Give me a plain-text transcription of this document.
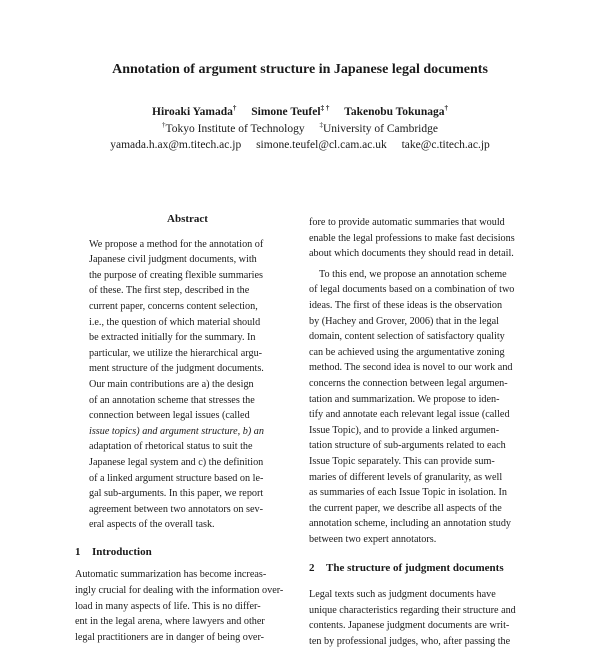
Annotation of argument structure in Japanese legal documents
Hiroaki Yamada† Simone Teufel‡ † Takenobu Tokunaga†
†Tokyo Institute of Technology ‡University of Cambridge
yamada.h.ax@m.titech.ac.jp simone.teufel@cl.cam.ac.uk take@c.titech.ac.jp
Abstract
We propose a method for the annotation of
Japanese civil judgment documents, with
the purpose of creating flexible summaries
of these. The first step, described in the
current paper, concerns content selection,
i.e., the question of which material should
be extracted initially for the summary. In
particular, we utilize the hierarchical argu-
ment structure of the judgment documents.
Our main contributions are a) the design
of an annotation scheme that stresses the
connection between legal issues (called
issue topics) and argument structure, b) an
adaptation of rhetorical status to suit the
Japanese legal system and c) the definition
of a linked argument structure based on le-
gal sub-arguments. In this paper, we report
agreement between two annotators on sev-
eral aspects of the overall task.
1 Introduction
Automatic summarization has become increas-
ingly crucial for dealing with the information over-
load in many aspects of life. This is no differ-
ent in the legal arena, where lawyers and other
legal practitioners are in danger of being over-
fore to provide automatic summaries that would
enable the legal professions to make fast decisions
about which documents they should read in detail.
To this end, we propose an annotation scheme
of legal documents based on a combination of two
ideas. The first of these ideas is the observation
by (Hachey and Grover, 2006) that in the legal
domain, content selection of satisfactory quality
can be achieved using the argumentative zoning
method. The second idea is novel to our work and
concerns the connection between legal argumen-
tation and summarization. We propose to iden-
tify and annotate each relevant legal issue (called
Issue Topic), and to provide a linked argumen-
tation structure of sub-arguments related to each
Issue Topic separately. This can provide sum-
maries of different levels of granularity, as well
as summaries of each Issue Topic in isolation. In
the current paper, we describe all aspects of the
annotation scheme, including an annotation study
between two expert annotators.
2 The structure of judgment documents
Legal texts such as judgment documents have
unique characteristics regarding their structure and
contents. Japanese judgment documents are writ-
ten by professional judges, who, after passing the
